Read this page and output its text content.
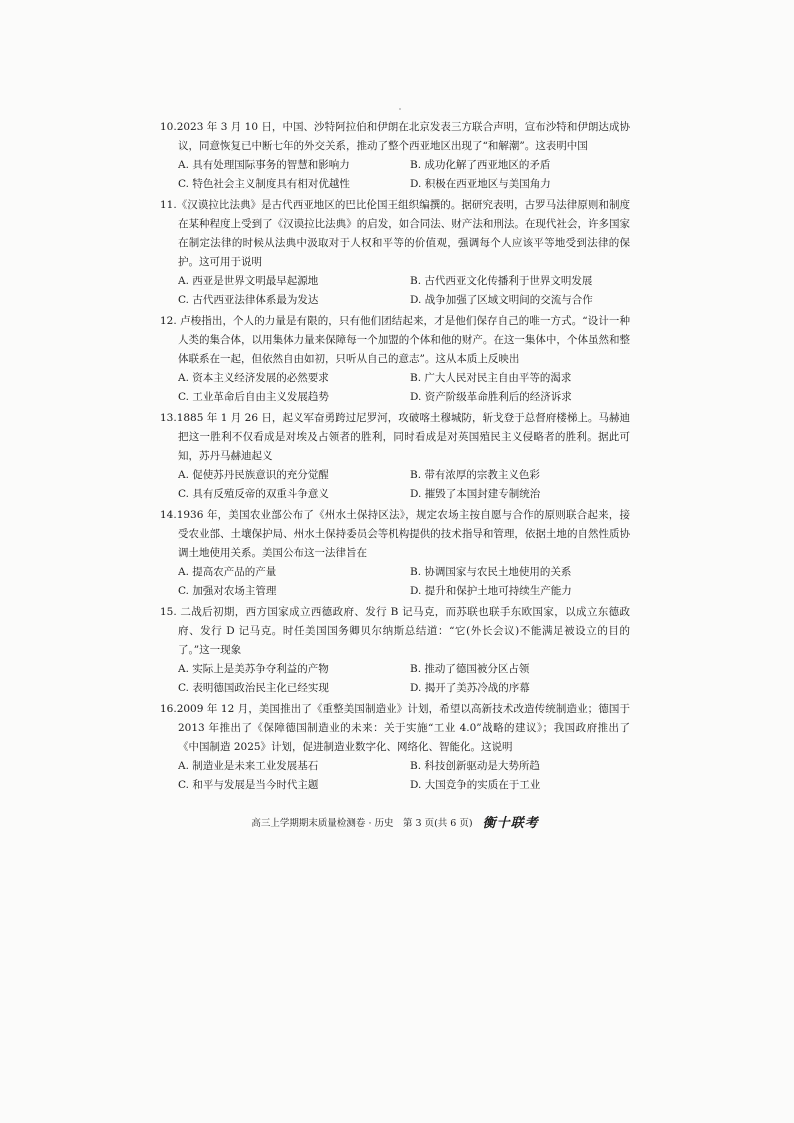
10.2023 年 3 月 10 日，中国、沙特阿拉伯和伊朗在北京发表三方联合声明，宣布沙特和伊朗达成协议，同意恢复已中断七年的外交关系，推动了整个西亚地区出现了“和解潮”。这表明中国

A. 具有处理国际事务的智慧和影响力	B. 成功化解了西亚地区的矛盾
C. 特色社会主义制度具有相对优越性	D. 积极在西亚地区与美国角力

11.《汉谟拉比法典》是古代西亚地区的巴比伦国王组织编撰的。据研究表明，古罗马法律原则和制度在某种程度上受到了《汉谟拉比法典》的启发，如合同法、财产法和刑法。在现代社会，许多国家在制定法律的时候从法典中汲取对于人权和平等的价值观，强调每个人应该平等地受到法律的保护。这可用于说明

A. 西亚是世界文明最早起源地	B. 古代西亚文化传播利于世界文明发展
C. 古代西亚法律体系最为发达	D. 战争加强了区域文明间的交流与合作

12. 卢梭指出，个人的力量是有限的，只有他们团结起来，才是他们保存自己的唯一方式。“设计一种人类的集合体，以用集体力量来保障每一个加盟的个体和他的财产。在这一集体中，个体虽然和整体联系在一起，但依然自由如初，只听从自己的意志”。这从本质上反映出

A. 资本主义经济发展的必然要求	B. 广大人民对民主自由平等的渴求
C. 工业革命后自由主义发展趋势	D. 资产阶级革命胜利后的经济诉求

13.1885 年 1 月 26 日，起义军奋勇跨过尼罗河，攻破喀土穆城防，斩戈登于总督府楼梯上。马赫迪把这一胜利不仅看成是对埃及占领者的胜利，同时看成是对英国殖民主义侵略者的胜利。据此可知，苏丹马赫迪起义

A. 促使苏丹民族意识的充分觉醒	B. 带有浓厚的宗教主义色彩
C. 具有反殖反帝的双重斗争意义	D. 摧毁了本国封建专制统治

14.1936 年，美国农业部公布了《州水土保持区法》，规定农场主按自愿与合作的原则联合起来，接受农业部、土壤保护局、州水土保持委员会等机构提供的技术指导和管理，依据土地的自然性质协调土地使用关系。美国公布这一法律旨在

A. 提高农产品的产量	B. 协调国家与农民土地使用的关系
C. 加强对农场主管理	D. 提升和保护土地可持续生产能力

15. 二战后初期，西方国家成立西德政府、发行 B 记马克，而苏联也联手东欧国家，以成立东德政府、发行 D 记马克。时任美国国务卿贝尔纳斯总结道：“它(外长会议)不能满足被设立的目的了。”这一现象

A. 实际上是美苏争夺利益的产物	B. 推动了德国被分区占领
C. 表明德国政治民主化已经实现	D. 揭开了美苏冷战的序幕

16.2009 年 12 月，美国推出了《重整美国制造业》计划，希望以高新技术改造传统制造业；德国于 2013 年推出了《保障德国制造业的未来：关于实施“工业 4.0”战略的建议》；我国政府推出了《中国制造 2025》计划，促进制造业数字化、网络化、智能化。这说明

A. 制造业是未来工业发展基石	B. 科技创新驱动是大势所趋
C. 和平与发展是当今时代主题	D. 大国竞争的实质在于工业
高三上学期期末质量检测卷 · 历史　第 3 页(共 6 页) 衡十联考
